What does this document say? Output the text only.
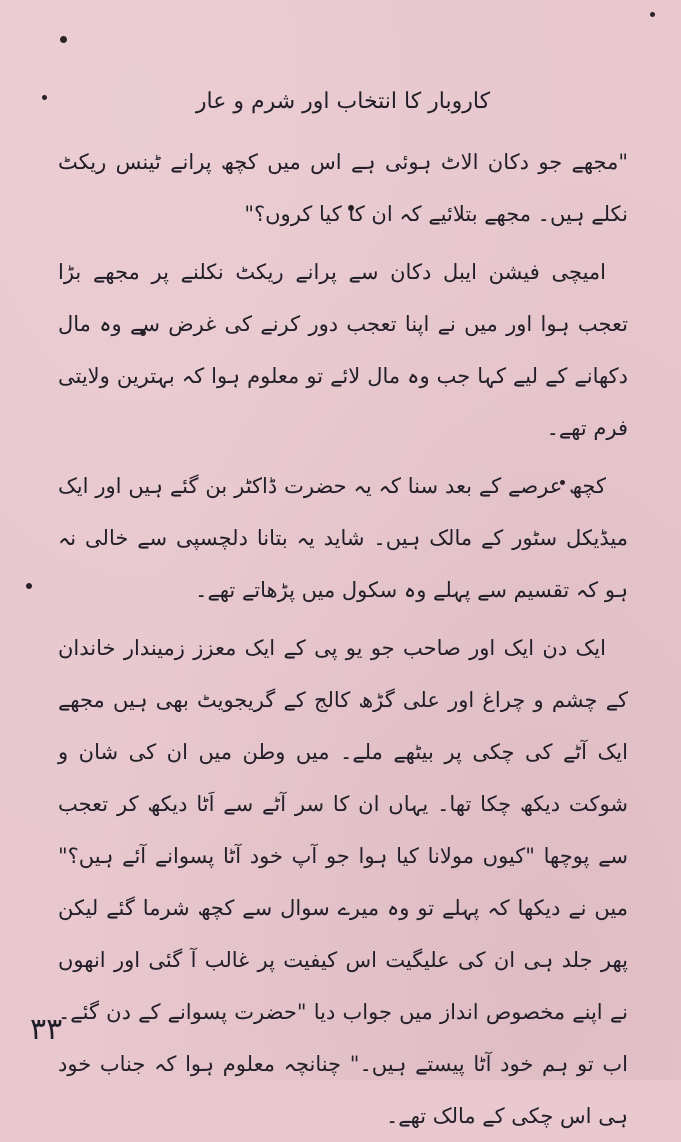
کاروبار کا انتخاب اور شرم و عار

"مجھے جو دکان الاٹ ہوئی ہے اس میں کچھ پرانے ٹینس ریکٹ نکلے ہیں۔ مجھے بتلائیے کہ ان کا کیا کروں؟"

امیچی فیشن ایبل دکان سے پرانے ریکٹ نکلنے پر مجھے بڑا تعجب ہوا اور میں نے اپنا تعجب دور کرنے کی غرض سے وہ مال دکھانے کے لیے کہا جب وہ مال لائے تو معلوم ہوا کہ بہترین ولایتی فرم تھے۔

کچھ عرصے کے بعد سنا کہ یہ حضرت ڈاکٹر بن گئے ہیں اور ایک میڈیکل سٹور کے مالک ہیں۔ شاید یہ بتانا دلچسپی سے خالی نہ ہو کہ تقسیم سے پہلے وہ سکول میں پڑھاتے تھے۔

ایک دن ایک اور صاحب جو یو پی کے ایک معزز زمیندار خاندان کے چشم و چراغ اور علی گڑھ کالج کے گریجویٹ بھی ہیں مجھے ایک آٹے کی چکی پر بیٹھے ملے۔ میں وطن میں ان کی شان و شوکت دیکھ چکا تھا۔ یہاں ان کا سر آٹے سے اَٹا دیکھ کر تعجب سے پوچھا "کیوں مولانا کیا ہوا جو آپ خود آٹا پسوانے آئے ہیں؟" میں نے دیکھا کہ پہلے تو وہ میرے سوال سے کچھ شرما گئے لیکن پھر جلد ہی ان کی علیگیت اس کیفیت پر غالب آ گئی اور انھوں نے اپنے مخصوص انداز میں جواب دیا "حضرت پسوانے کے دن گئے۔ اب تو ہم خود آٹا پیستے ہیں۔" چنانچہ معلوم ہوا کہ جناب خود ہی اس چکی کے مالک تھے۔

۳۳
